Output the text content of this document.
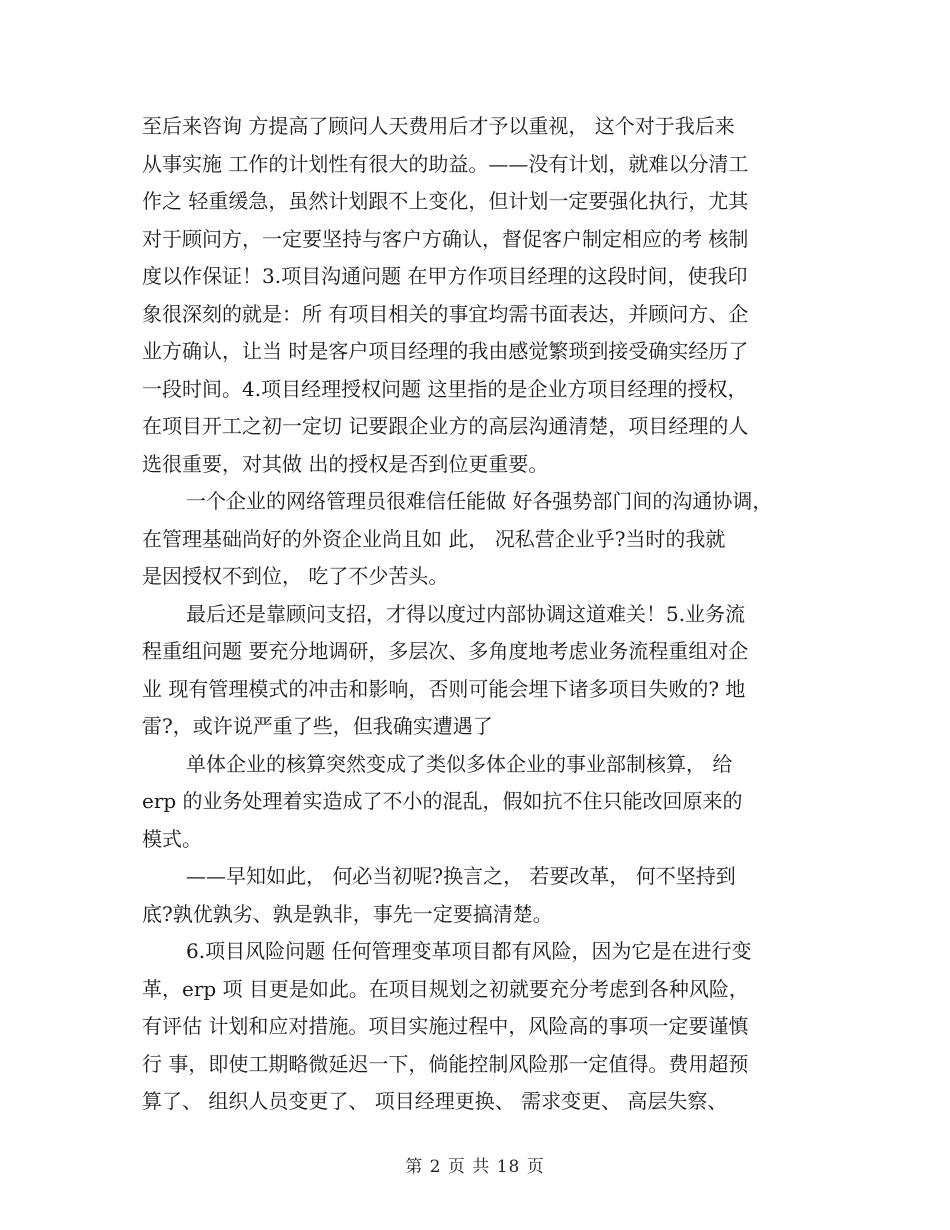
至后来咨询 方提高了顾问人天费用后才予以重视， 这个对于我后来
从事实施 工作的计划性有很大的助益。——没有计划，就难以分清工
作之 轻重缓急，虽然计划跟不上变化，但计划一定要强化执行，尤其
对于顾问方，一定要坚持与客户方确认，督促客户制定相应的考 核制
度以作保证！3.项目沟通问题 在甲方作项目经理的这段时间，使我印
象很深刻的就是：所 有项目相关的事宜均需书面表达，并顾问方、企
业方确认，让当 时是客户项目经理的我由感觉繁琐到接受确实经历了
一段时间。4.项目经理授权问题 这里指的是企业方项目经理的授权，
在项目开工之初一定切 记要跟企业方的高层沟通清楚，项目经理的人
选很重要，对其做 出的授权是否到位更重要。
一个企业的网络管理员很难信任能做 好各强势部门间的沟通协调，
在管理基础尚好的外资企业尚且如 此， 况私营企业乎?当时的我就
是因授权不到位， 吃了不少苦头。
最后还是靠顾问支招，才得以度过内部协调这道难关！5.业务流
程重组问题 要充分地调研，多层次、多角度地考虑业务流程重组对企
业 现有管理模式的冲击和影响，否则可能会埋下诸多项目失败的? 地
雷?，或许说严重了些，但我确实遭遇了
单体企业的核算突然变成了类似多体企业的事业部制核算， 给
erp 的业务处理着实造成了不小的混乱，假如抗不住只能改回原来的
模式。
——早知如此， 何必当初呢?换言之， 若要改革， 何不坚持到
底?孰优孰劣、孰是孰非，事先一定要搞清楚。
6.项目风险问题 任何管理变革项目都有风险，因为它是在进行变
革，erp 项 目更是如此。在项目规划之初就要充分考虑到各种风险，
有评估 计划和应对措施。项目实施过程中，风险高的事项一定要谨慎
行 事，即使工期略微延迟一下，倘能控制风险那一定值得。费用超预
算了、 组织人员变更了、 项目经理更换、 需求变更、 高层失察、
第 2 页 共 18 页
